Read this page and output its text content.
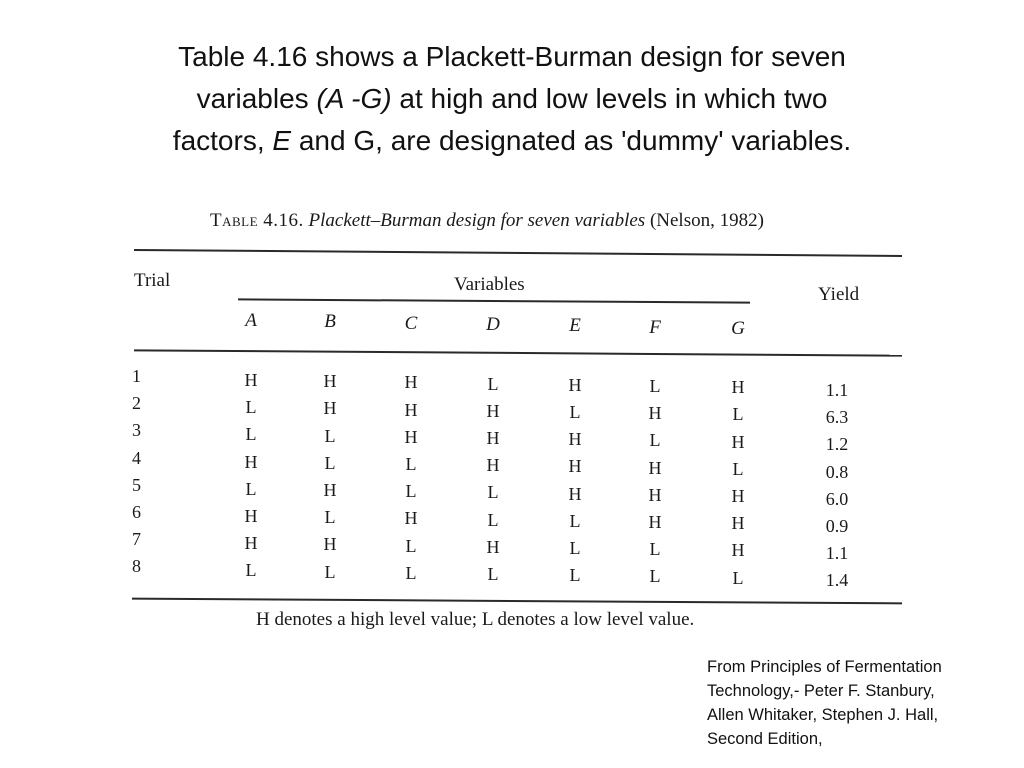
Table 4.16 shows a Plackett-Burman design for seven
variables (A -G) at high and low levels in which two
factors, E and G, are designated as 'dummy' variables.
Table 4.16. Plackett–Burman design for seven variables (Nelson, 1982)
Trial	Variables	Yield
A	B	C	D	E	F	G
1	H	H	H	L	H	L	H	1.1
2	L	H	H	H	L	H	L	6.3
3	L	L	H	H	H	L	H	1.2
4	H	L	L	H	H	H	L	0.8
5	L	H	L	L	H	H	H	6.0
6	H	L	H	L	L	H	H	0.9
7	H	H	L	H	L	L	H	1.1
8	L	L	L	L	L	L	L	1.4
H denotes a high level value; L denotes a low level value.
From Principles of Fermentation
Technology,- Peter F. Stanbury,
Allen Whitaker, Stephen J. Hall,
Second Edition,
